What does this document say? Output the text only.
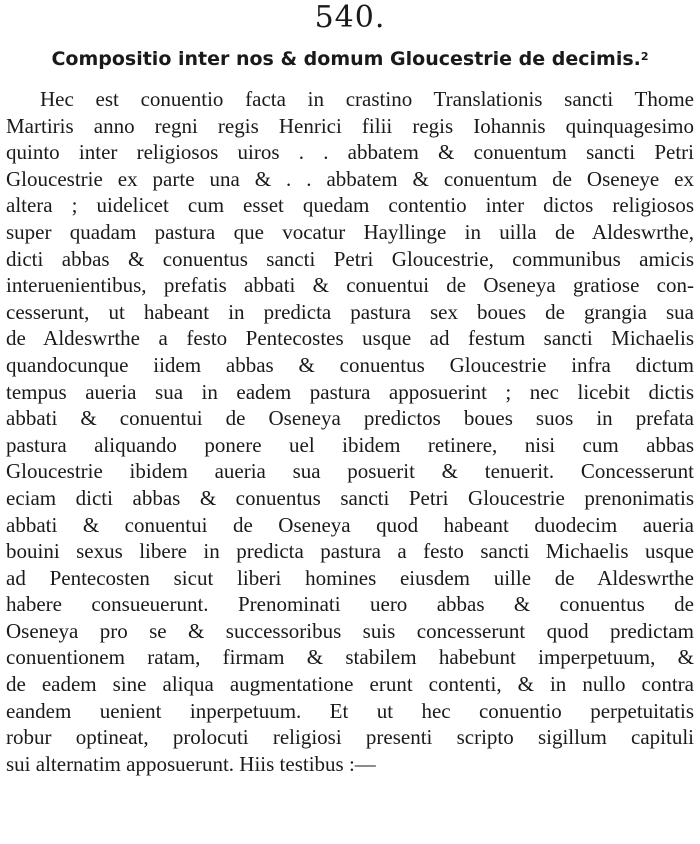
540.
Compositio inter nos & domum Gloucestrie de decimis.$^2$
Hec est conuentio facta in crastino Translationis sancti Thome
Martiris anno regni regis Henrici filii regis Iohannis quinquagesimo
quinto inter religiosos uiros . . abbatem & conuentum sancti Petri
Gloucestrie ex parte una & . . abbatem & conuentum de Oseneye ex
altera ; uidelicet cum esset quedam contentio inter dictos religiosos
super quadam pastura que vocatur Hayllinge in uilla de Aldeswrthe,
dicti abbas & conuentus sancti Petri Gloucestrie, communibus amicis
interuenientibus, prefatis abbati & conuentui de Oseneya gratiose con-
cesserunt, ut habeant in predicta pastura sex boues de grangia sua
de Aldeswrthe a festo Pentecostes usque ad festum sancti Michaelis
quandocunque iidem abbas & conuentus Gloucestrie infra dictum
tempus aueria sua in eadem pastura apposuerint ; nec licebit dictis
abbati & conuentui de Oseneya predictos boues suos in prefata
pastura aliquando ponere uel ibidem retinere, nisi cum abbas
Gloucestrie ibidem aueria sua posuerit & tenuerit. Concesserunt
eciam dicti abbas & conuentus sancti Petri Gloucestrie prenonimatis
abbati & conuentui de Oseneya quod habeant duodecim aueria
bouini sexus libere in predicta pastura a festo sancti Michaelis usque
ad Pentecosten sicut liberi homines eiusdem uille de Aldeswrthe
habere consueuerunt. Prenominati uero abbas & conuentus de
Oseneya pro se & successoribus suis concesserunt quod predictam
conuentionem ratam, firmam & stabilem habebunt imperpetuum, &
de eadem sine aliqua augmentatione erunt contenti, & in nullo contra
eandem uenient inperpetuum. Et ut hec conuentio perpetuitatis
robur optineat, prolocuti religiosi presenti scripto sigillum capituli
sui alternatim apposuerunt. Hiis testibus :—
